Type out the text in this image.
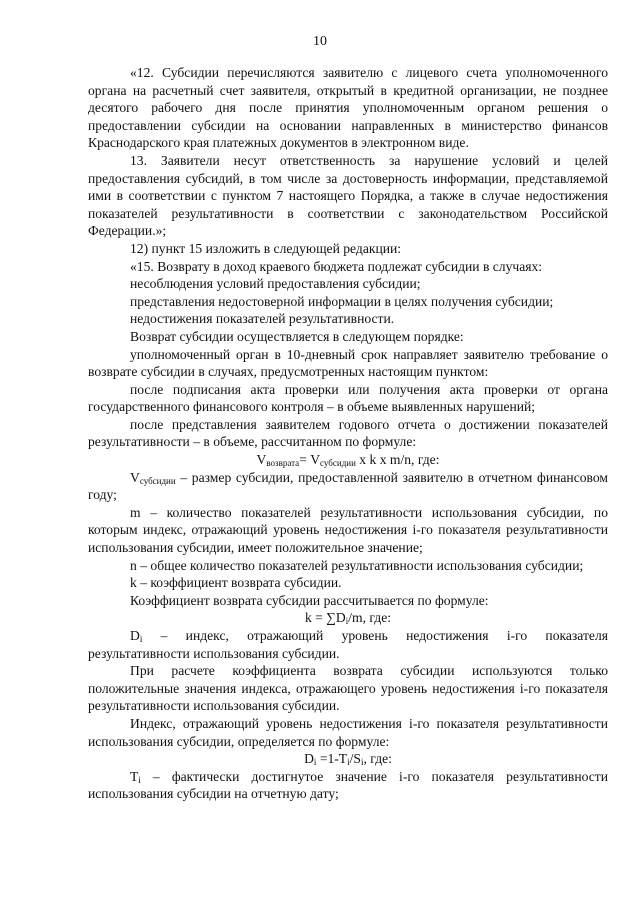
10

«12. Субсидии перечисляются заявителю с лицевого счета уполномоченного органа на расчетный счет заявителя, открытый в кредитной организации, не позднее десятого рабочего дня после принятия уполномоченным органом решения о предоставлении субсидии на основании направленных в министерство финансов Краснодарского края платежных документов в электронном виде.

13. Заявители несут ответственность за нарушение условий и целей предоставления субсидий, в том числе за достоверность информации, представляемой ими в соответствии с пунктом 7 настоящего Порядка, а также в случае недостижения показателей результативности в соответствии с законодательством Российской Федерации.»;

12) пункт 15 изложить в следующей редакции:

«15. Возврату в доход краевого бюджета подлежат субсидии в случаях:

несоблюдения условий предоставления субсидии;

представления недостоверной информации в целях получения субсидии;

недостижения показателей результативности.

Возврат субсидии осуществляется в следующем порядке:

уполномоченный орган в 10-дневный срок направляет заявителю требование о возврате субсидии в случаях, предусмотренных настоящим пунктом:

после подписания акта проверки или получения акта проверки от органа государственного финансового контроля – в объеме выявленных нарушений;

после представления заявителем годового отчета о достижении показателей результативности – в объеме, рассчитанном по формуле:

$V_{возврата}= V_{субсидии}$ x k x m/n, где:

$V_{субсидии}$ – размер субсидии, предоставленной заявителю в отчетном финансовом году;

m – количество показателей результативности использования субсидии, по которым индекс, отражающий уровень недостижения i-го показателя результативности использования субсидии, имеет положительное значение;

n – общее количество показателей результативности использования субсидии;

k – коэффициент возврата субсидии.

Коэффициент возврата субсидии рассчитывается по формуле:

$k = \sum D_i/m$, где:

$D_i$ – индекс, отражающий уровень недостижения i-го показателя результативности использования субсидии.

При расчете коэффициента возврата субсидии используются только положительные значения индекса, отражающего уровень недостижения i-го показателя результативности использования субсидии.

Индекс, отражающий уровень недостижения i-го показателя результативности использования субсидии, определяется по формуле:

$D_i =1-T_i/S_i$, где:

$T_i$ – фактически достигнутое значение i-го показателя результативности использования субсидии на отчетную дату;
